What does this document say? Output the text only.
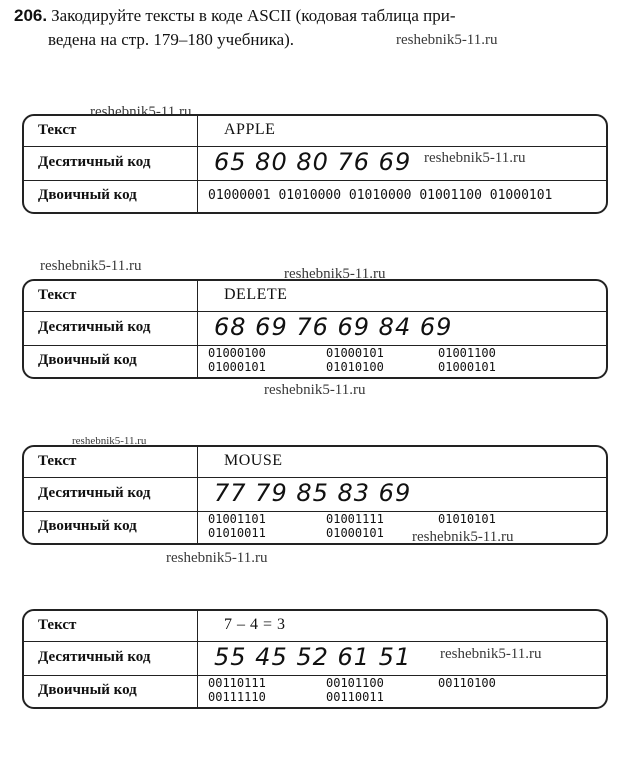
206. Закодируйте тексты в коде ASCII (кодовая таблица при-
ведена на стр. 179–180 учебника).	reshebnik5-11.ru
reshebnik5-11.ru
reshebnik5-11.ru
reshebnik5-11.ru	reshebnik5-11.ru
reshebnik5-11.ru
reshebnik5-11.ru
reshebnik5-11.ru
reshebnik5-11.ru
reshebnik5-11.ru
Текст	APPLE
Десятичный код	65 80 80 76 69
Двоичный код	01000001 01010000 01010000 01001100 01000101
Текст	DELETE
Десятичный код	68 69 76 69 84 69
Двоичный код	01000100	01000101	01001100
01000101	01010100	01000101
Текст	MOUSE
Десятичный код	77 79 85 83 69
Двоичный код	01001101	01001111	01010101
01010011	01000101
Текст	7 – 4 = 3
Десятичный код	55 45 52 61 51
Двоичный код	00110111	00101100	00110100
00111110	00110011
